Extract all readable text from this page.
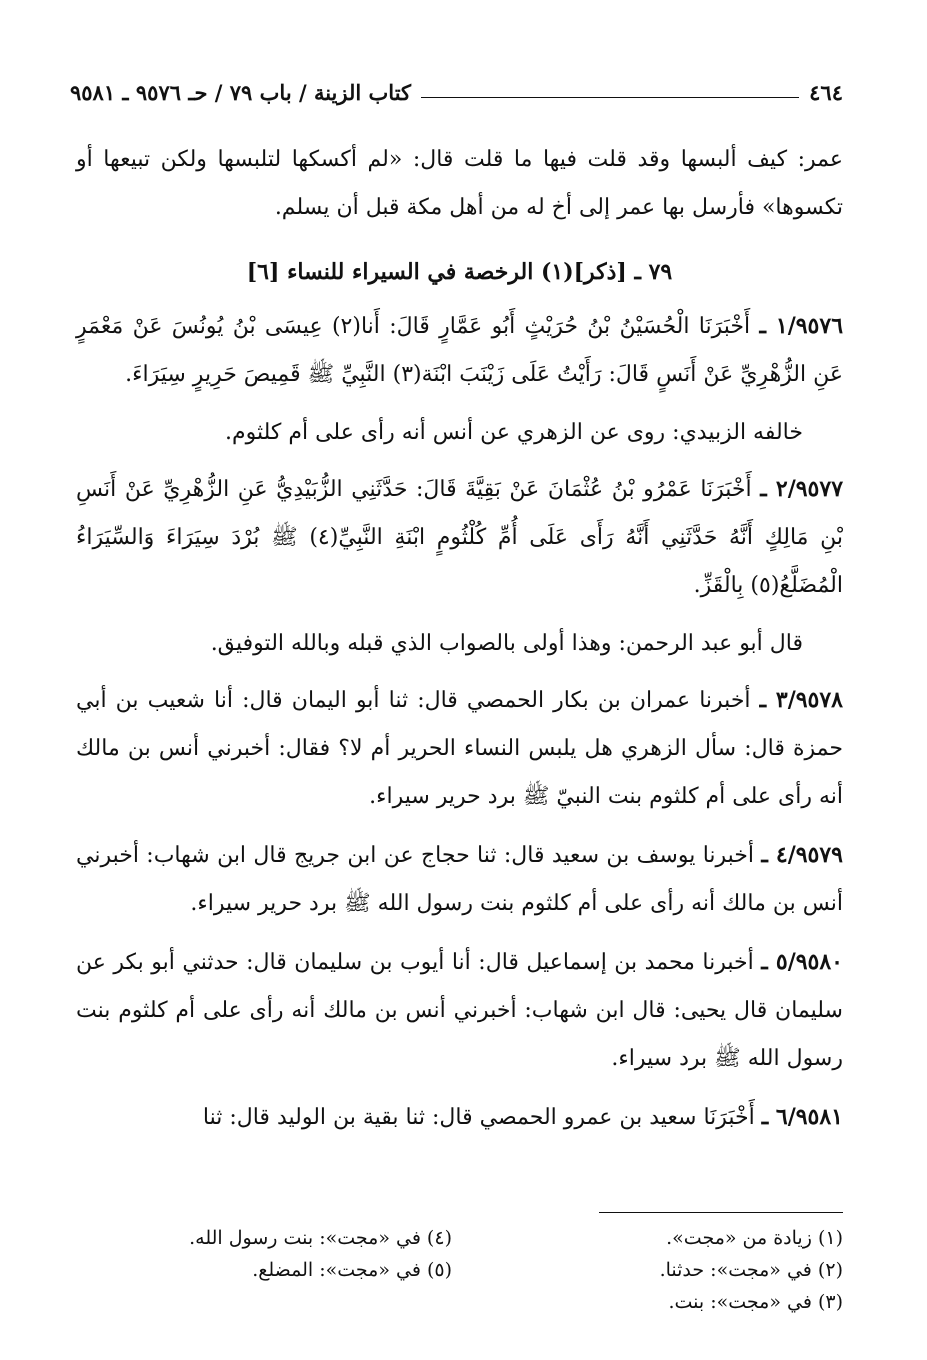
٤٦٤
كتاب الزينة / باب ٧٩ / حـ ٩٥٧٦ ـ ٩٥٨١

عمر: كيف ألبسها وقد قلت فيها ما قلت قال: «لم أكسكها لتلبسها ولكن تبيعها أو تكسوها» فأرسل بها عمر إلى أخ له من أهل مكة قبل أن يسلم.

٧٩ ـ [ذكر](١) الرخصة في السيراء للنساء [٦]

١/٩٥٧٦ ـ أَخْبَرَنَا الْحُسَيْنُ بْنُ حُرَيْثٍ أَبُو عَمَّارٍ قَالَ: أَنا(٢) عِيسَى بْنُ يُونُسَ عَنْ مَعْمَرٍ عَنِ الزُّهْرِيِّ عَنْ أَنَسٍ قَالَ: رَأَيْتُ عَلَى زَيْنَبَ ابْنَة(٣) النَّبِيِّ ﷺ قَمِيصَ حَرِيرٍ سِيَرَاءَ.

خالفه الزبيدي: روى عن الزهري عن أنس أنه رأى على أم كلثوم.

٢/٩٥٧٧ ـ أَخْبَرَنَا عَمْرُو بْنُ عُثْمَانَ عَنْ بَقِيَّةَ قَالَ: حَدَّثَنِي الزُّبَيْدِيُّ عَنِ الزُّهْرِيِّ عَنْ أَنَسِ بْنِ مَالِكٍ أَنَّهُ حَدَّثَنِي أَنَّهُ رَأَى عَلَى أُمِّ كُلْثُومٍ ابْنَةِ النَّبِيِّ(٤) ﷺ بُرْدَ سِيَرَاءَ وَالسِّيَرَاءُ الْمُضَلَّعُ(٥) بِالْقَزِّ.

قال أبو عبد الرحمن: وهذا أولى بالصواب الذي قبله وبالله التوفيق.

٣/٩٥٧٨ ـ أخبرنا عمران بن بكار الحمصي قال: ثنا أبو اليمان قال: أنا شعيب بن أبي حمزة قال: سأل الزهري هل يلبس النساء الحرير أم لا؟ فقال: أخبرني أنس بن مالك أنه رأى على أم كلثوم بنت النبيّ ﷺ برد حرير سيراء.

٤/٩٥٧٩ ـ أخبرنا يوسف بن سعيد قال: ثنا حجاج عن ابن جريج قال ابن شهاب: أخبرني أنس بن مالك أنه رأى على أم كلثوم بنت رسول الله ﷺ برد حرير سيراء.

٥/٩٥٨٠ ـ أخبرنا محمد بن إسماعيل قال: أنا أيوب بن سليمان قال: حدثني أبو بكر عن سليمان قال يحيى: قال ابن شهاب: أخبرني أنس بن مالك أنه رأى على أم كلثوم بنت رسول الله ﷺ برد سيراء.

٦/٩٥٨١ ـ أَخْبَرَنَا سعيد بن عمرو الحمصي قال: ثنا بقية بن الوليد قال: ثنا

(١) زيادة من «مجت».

(٢) في «مجت»: حدثنا.

(٣) في «مجت»: بنت.

(٤) في «مجت»: بنت رسول الله.

(٥) في «مجت»: المضلع.
